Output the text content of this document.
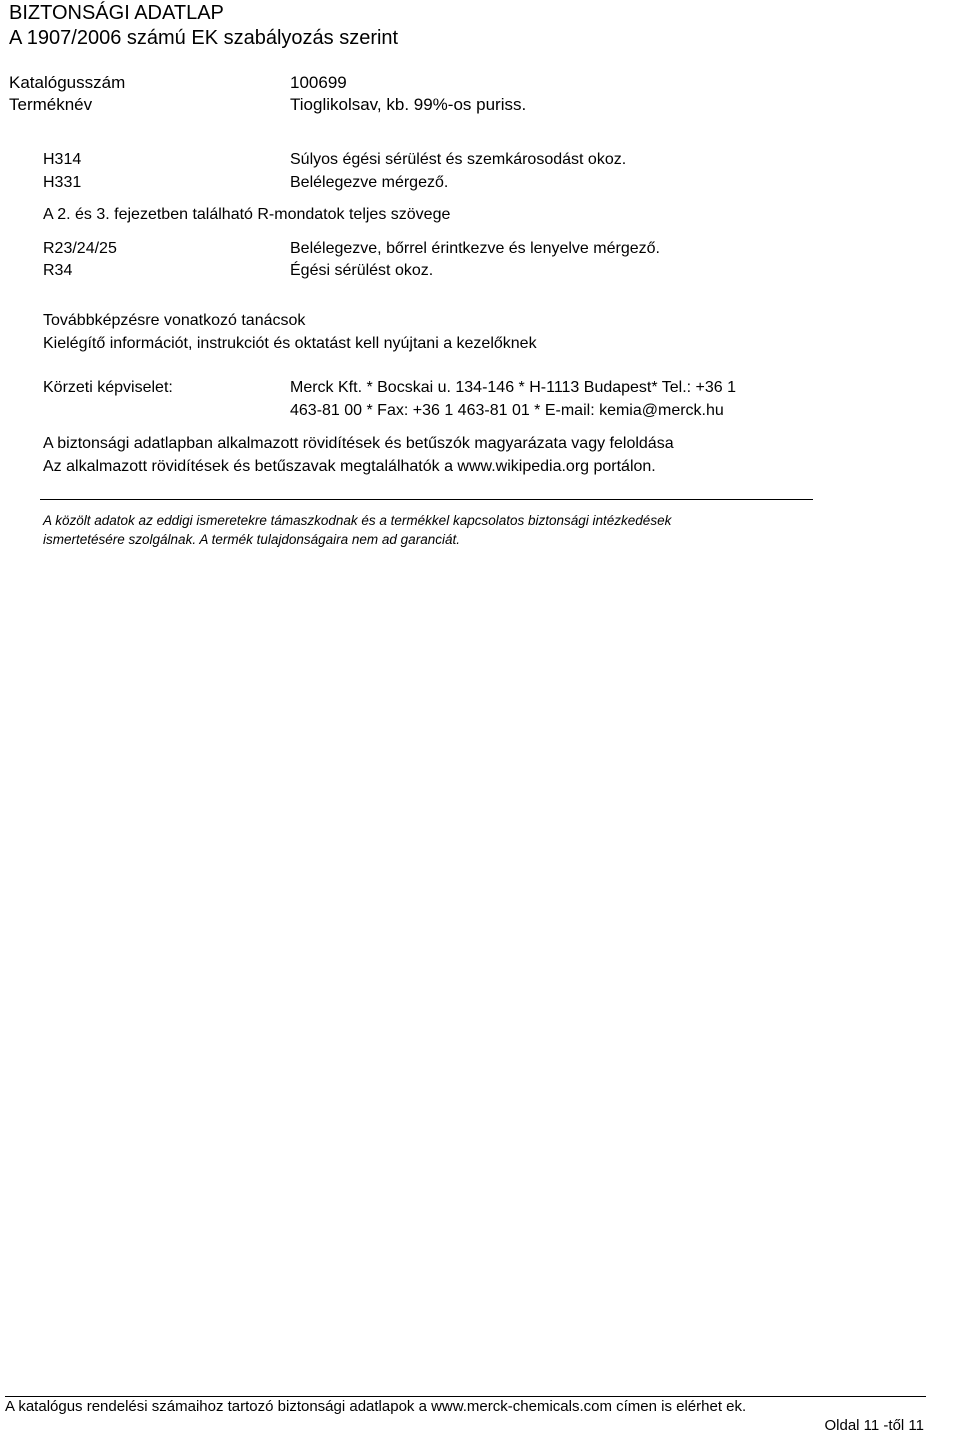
BIZTONSÁGI ADATLAP
A 1907/2006 számú EK szabályozás szerint
Katalógusszám	100699
Terméknév	Tioglikolsav, kb. 99%-os puriss.
H314	Súlyos égési sérülést és szemkárosodást okoz.
H331	Belélegezve mérgező.
A 2. és 3. fejezetben található R-mondatok teljes szövege
R23/24/25	Belélegezve, bőrrel érintkezve és lenyelve mérgező.
R34	Égési sérülést okoz.
Továbbképzésre vonatkozó tanácsok
Kielégítő információt, instrukciót és oktatást kell nyújtani a kezelőknek
Körzeti képviselet:	Merck Kft. * Bocskai u. 134-146 * H-1113 Budapest* Tel.: +36 1
463-81 00 * Fax: +36 1 463-81 01 * E-mail: kemia@merck.hu
A biztonsági adatlapban alkalmazott rövidítések és betűszók magyarázata vagy feloldása
Az alkalmazott rövidítések és betűszavak megtalálhatók a www.wikipedia.org portálon.
A közölt adatok az eddigi ismeretekre támaszkodnak és a termékkel kapcsolatos biztonsági intézkedések
ismertetésére szolgálnak. A termék tulajdonságaira nem ad garanciát.
A katalógus rendelési számaihoz tartozó biztonsági adatlapok a www.merck-chemicals.com címen is elérhet ek.
Oldal 11 -től 11
